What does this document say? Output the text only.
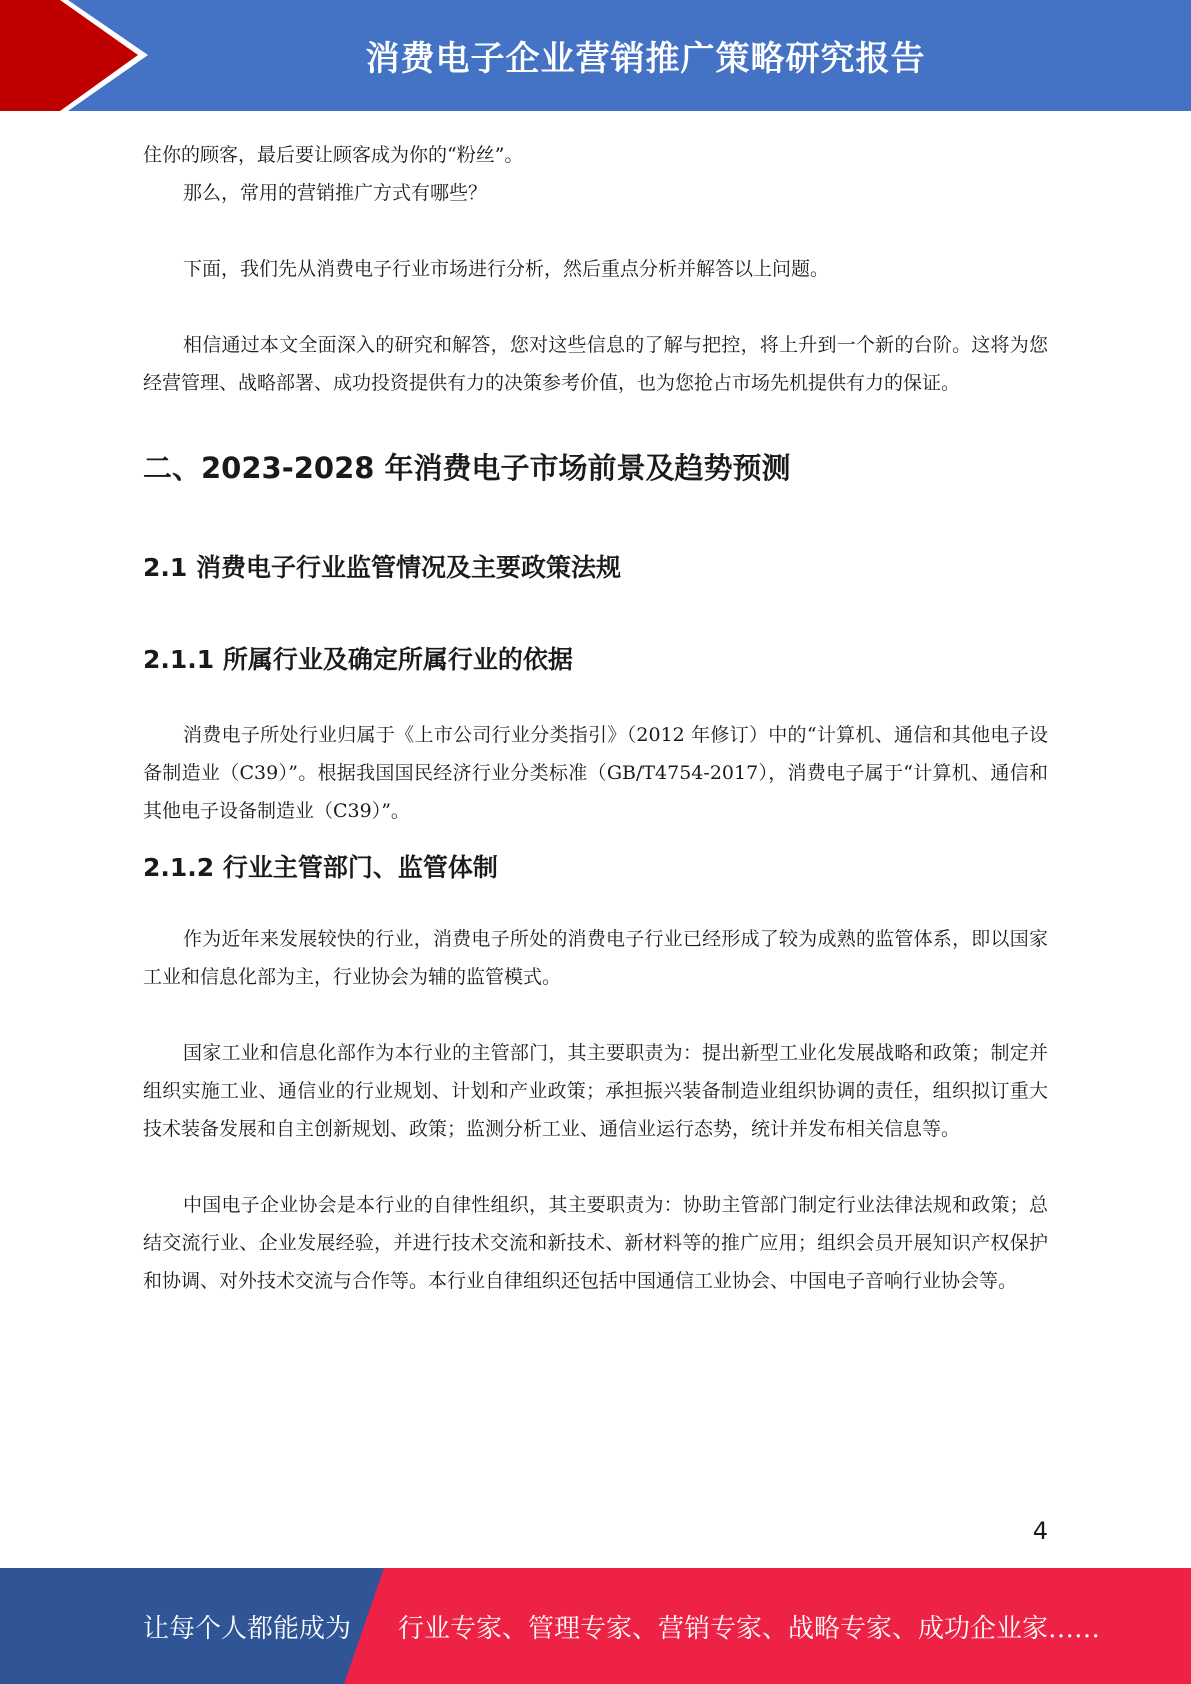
消费电子企业营销推广策略研究报告

住你的顾客，最后要让顾客成为你的“粉丝”。

那么，常用的营销推广方式有哪些？

下面，我们先从消费电子行业市场进行分析，然后重点分析并解答以上问题。

相信通过本文全面深入的研究和解答，您对这些信息的了解与把控，将上升到一个新的台阶。这将为您经营管理、战略部署、成功投资提供有力的决策参考价值，也为您抢占市场先机提供有力的保证。

二、2023-2028 年消费电子市场前景及趋势预测
2.1 消费电子行业监管情况及主要政策法规
2.1.1 所属行业及确定所属行业的依据

消费电子所处行业归属于《上市公司行业分类指引》（2012 年修订）中的“计算机、通信和其他电子设备制造业（C39）”。根据我国国民经济行业分类标准（GB/T4754-2017），消费电子属于“计算机、通信和其他电子设备制造业（C39）”。

2.1.2 行业主管部门、监管体制

作为近年来发展较快的行业，消费电子所处的消费电子行业已经形成了较为成熟的监管体系，即以国家工业和信息化部为主，行业协会为辅的监管模式。

国家工业和信息化部作为本行业的主管部门，其主要职责为：提出新型工业化发展战略和政策；制定并组织实施工业、通信业的行业规划、计划和产业政策；承担振兴装备制造业组织协调的责任，组织拟订重大技术装备发展和自主创新规划、政策；监测分析工业、通信业运行态势，统计并发布相关信息等。

中国电子企业协会是本行业的自律性组织，其主要职责为：协助主管部门制定行业法律法规和政策；总结交流行业、企业发展经验，并进行技术交流和新技术、新材料等的推广应用；组织会员开展知识产权保护和协调、对外技术交流与合作等。本行业自律组织还包括中国通信工业协会、中国电子音响行业协会等。

4
让每个人都能成为 行业专家、管理专家、营销专家、战略专家、成功企业家……
